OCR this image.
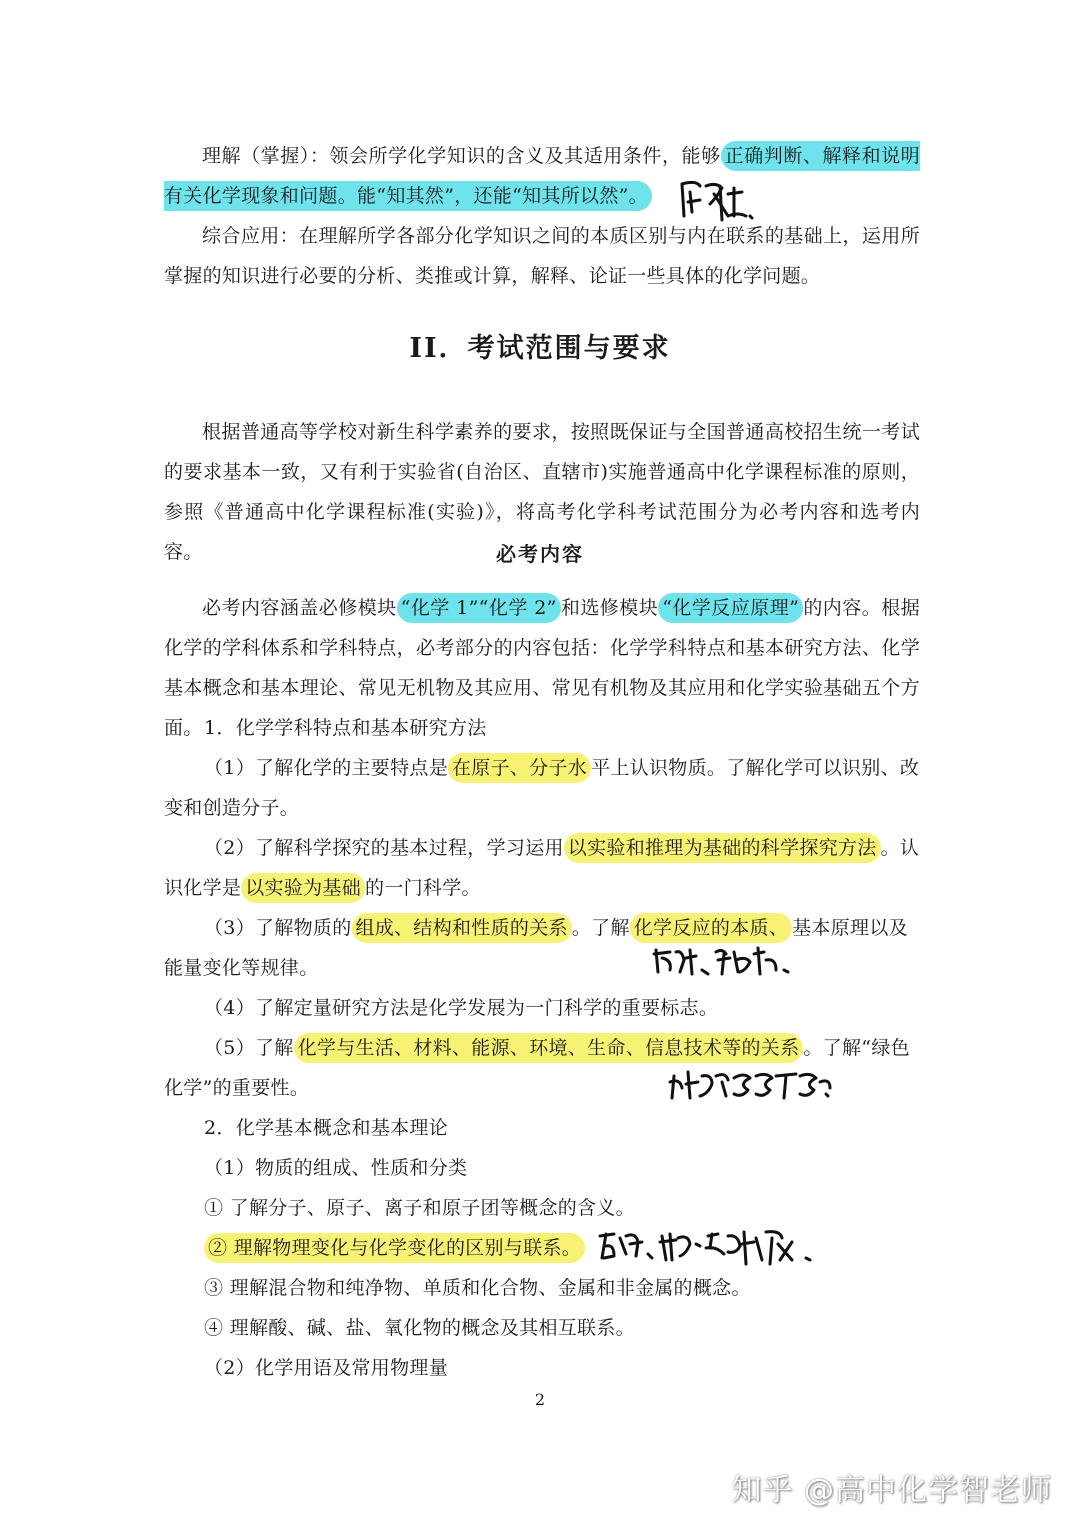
理解（掌握）：领会所学化学知识的含义及其适用条件，能够 正确判断、解释和说明有关化学现象和问题。能“知其然”，还能“知其所以然”。

综合应用：在理解所学各部分化学知识之间的本质区别与内在联系的基础上，运用所掌握的知识进行必要的分析、类推或计算，解释、论证一些具体的化学问题。

II．考试范围与要求

根据普通高等学校对新生科学素养的要求，按照既保证与全国普通高校招生统一考试的要求基本一致，又有利于实验省(自治区、直辖市)实施普通高中化学课程标准的原则，参照《普通高中化学课程标准(实验)》，将高考化学科考试范围分为必考内容和选考内容。	必考内容

必考内容涵盖必修模块 “化学 1”“化学 2” 和选修模块 “化学反应原理” 的内容。根据化学的学科体系和学科特点，必考部分的内容包括：化学学科特点和基本研究方法、化学基本概念和基本理论、常见无机物及其应用、常见有机物及其应用和化学实验基础五个方面。 1．化学学科特点和基本研究方法

（1）了解化学的主要特点是 在原子、分子水 平上认识物质。了解化学可以识别、改变和创造分子。

（2）了解科学探究的基本过程，学习运用 以实验和推理为基础的科学探究方法 。认识化学是 以实验为基础 的一门科学。

（3）了解物质的 组成、结构和性质的关系 。了解 化学反应的本质、 基本原理以及能量变化等规律。

（4）了解定量研究方法是化学发展为一门科学的重要标志。

（5）了解 化学与生活、材料、能源、环境、生命、信息技术等的关系 。了解“绿色化学”的重要性。

2．化学基本概念和基本理论

（1）物质的组成、性质和分类

① 了解分子、原子、离子和原子团等概念的含义。

② 理解物理变化与化学变化的区别与联系。

③ 理解混合物和纯净物、单质和化合物、金属和非金属的概念。

④ 理解酸、碱、盐、氧化物的概念及其相互联系。

（2）化学用语及常用物理量

2
知乎 @高中化学智老师
